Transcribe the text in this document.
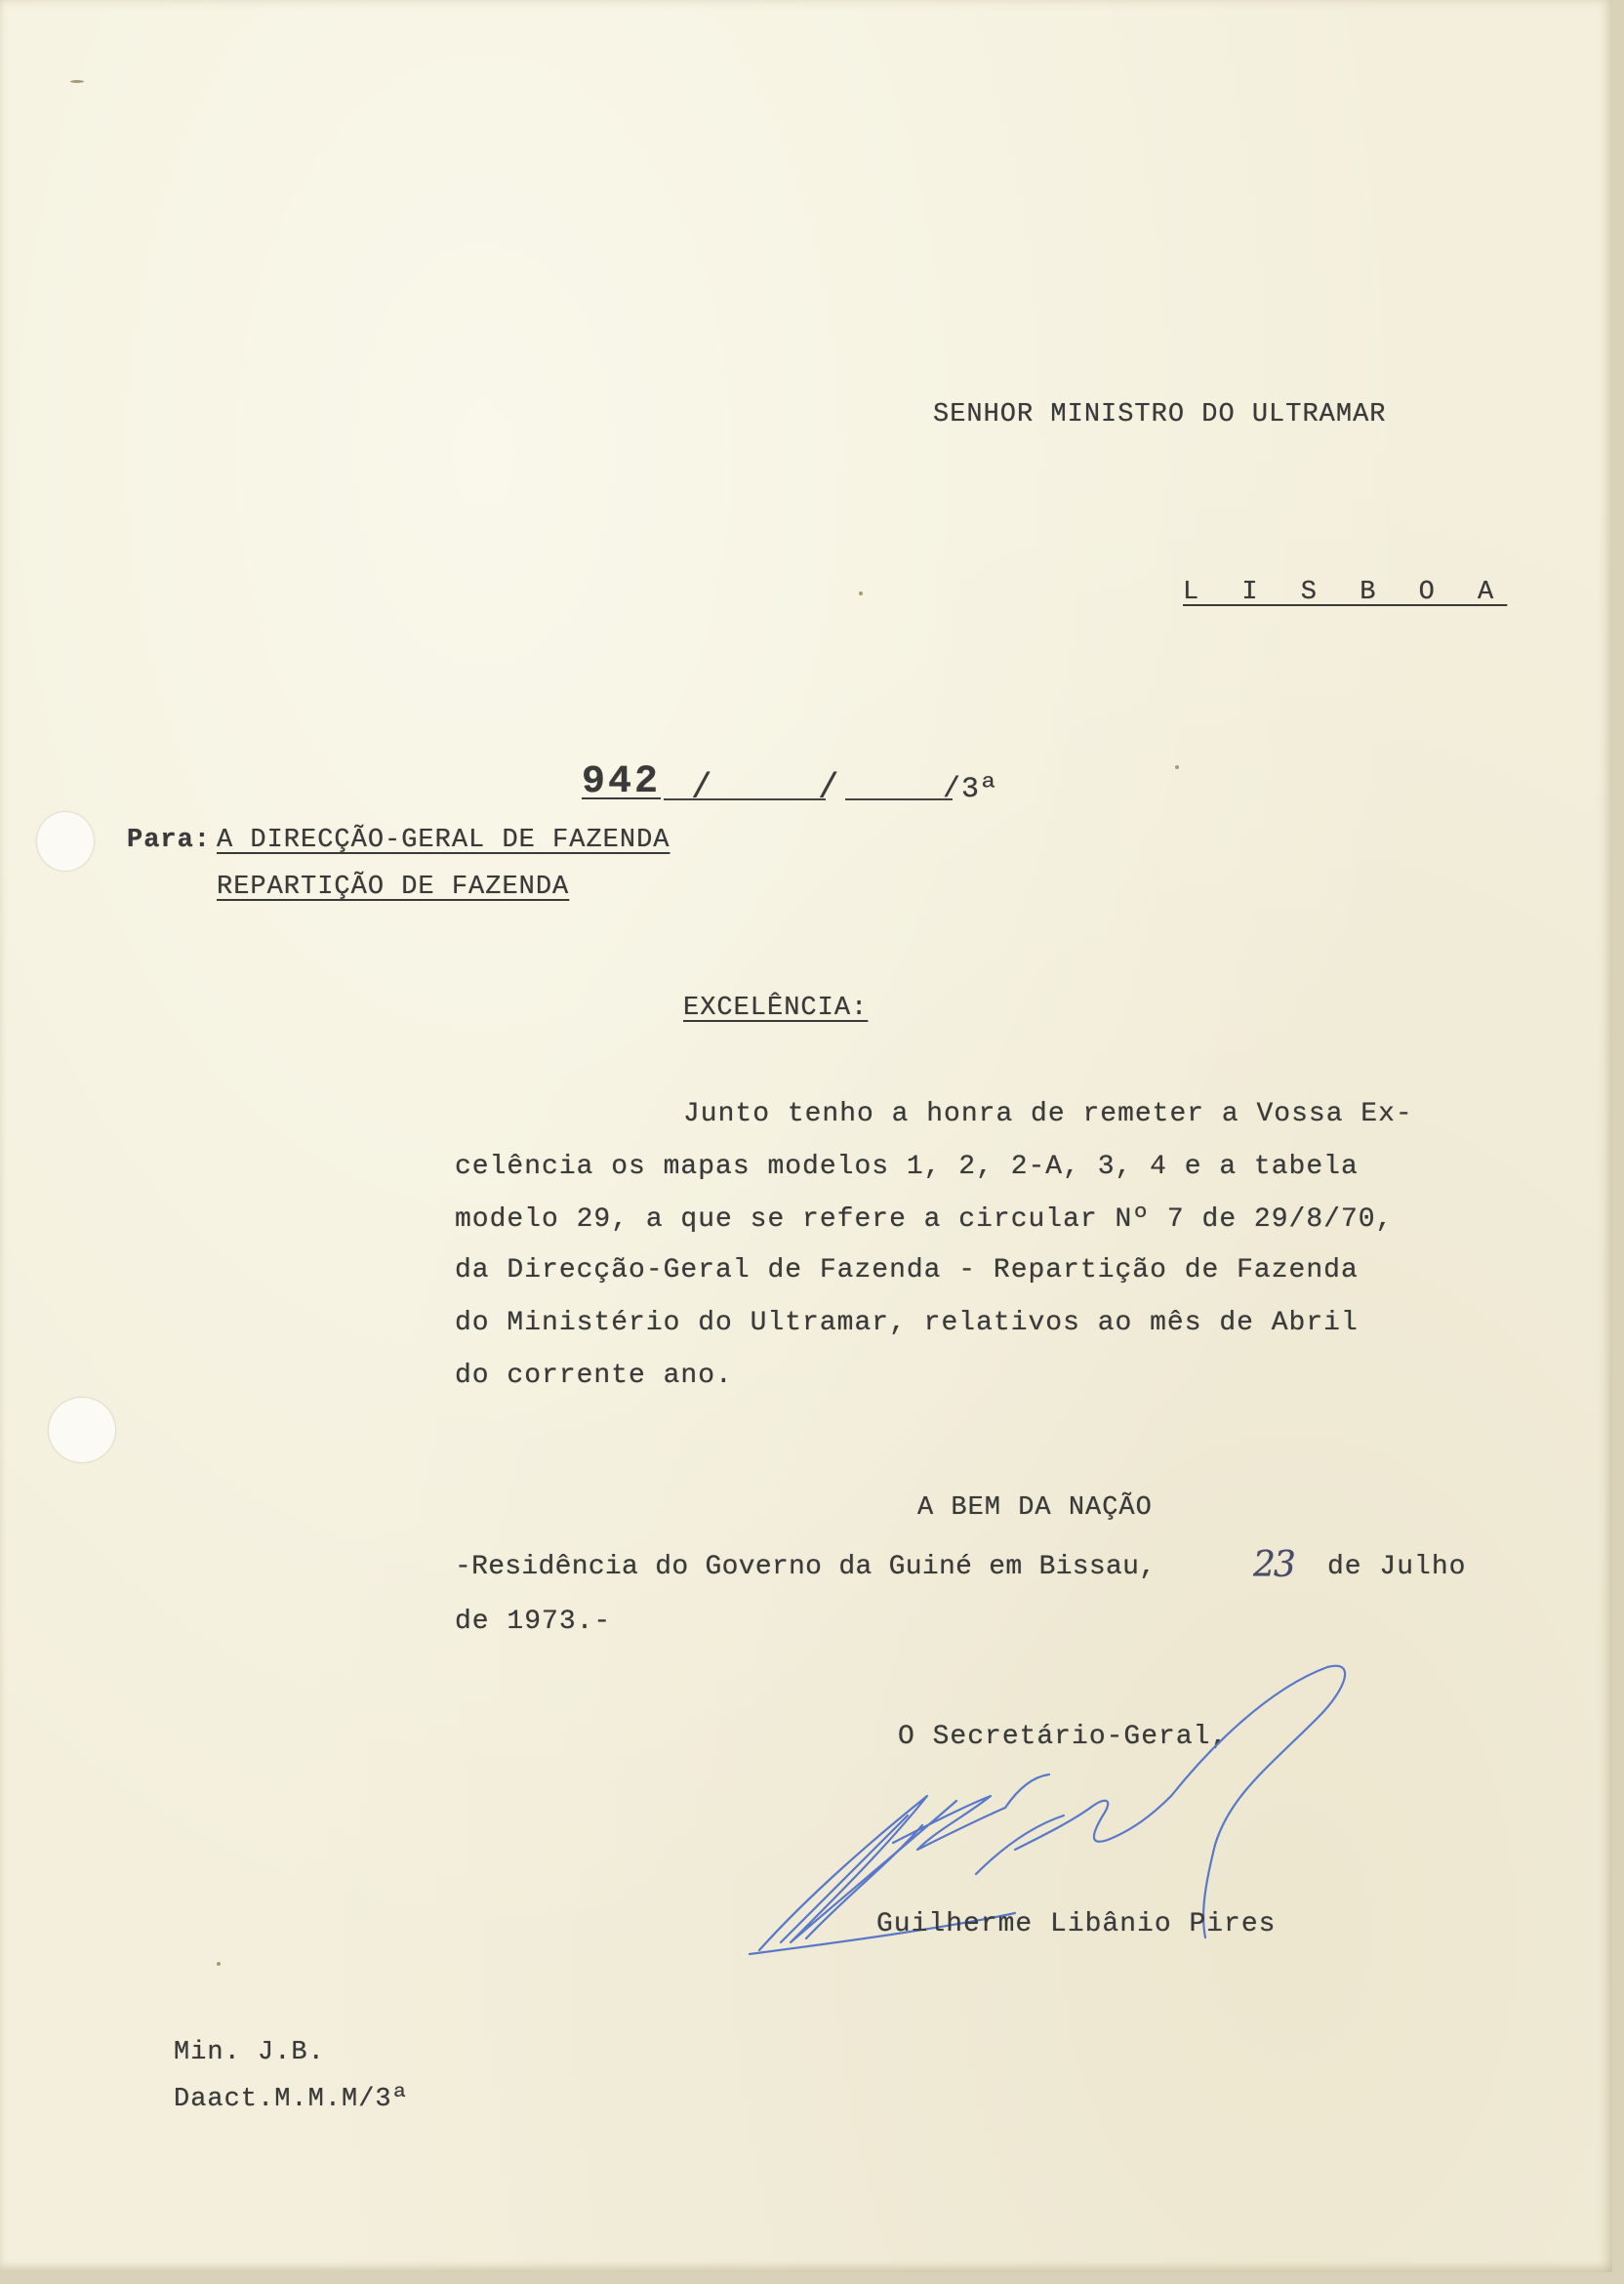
SENHOR MINISTRO DO ULTRAMAR
L I S B O A
942 /	/	/3ª
Para: A DIRECÇÃO-GERAL DE FAZENDA
REPARTIÇÃO DE FAZENDA
EXCELÊNCIA:
Junto tenho a honra de remeter a Vossa Ex-
celência os mapas modelos 1, 2, 2-A, 3, 4 e a tabela
modelo 29, a que se refere a circular Nº 7 de 29/8/70,
da Direcção-Geral de Fazenda - Repartição de Fazenda
do Ministério do Ultramar, relativos ao mês de Abril
do corrente ano.
A BEM DA NAÇÃO
-Residência do Governo da Guiné em Bissau,	23 de Julho
de 1973.-
O Secretário-Geral,
Guilherme Libânio Pires
Min. J.B.
Daact.M.M.M/3ª
